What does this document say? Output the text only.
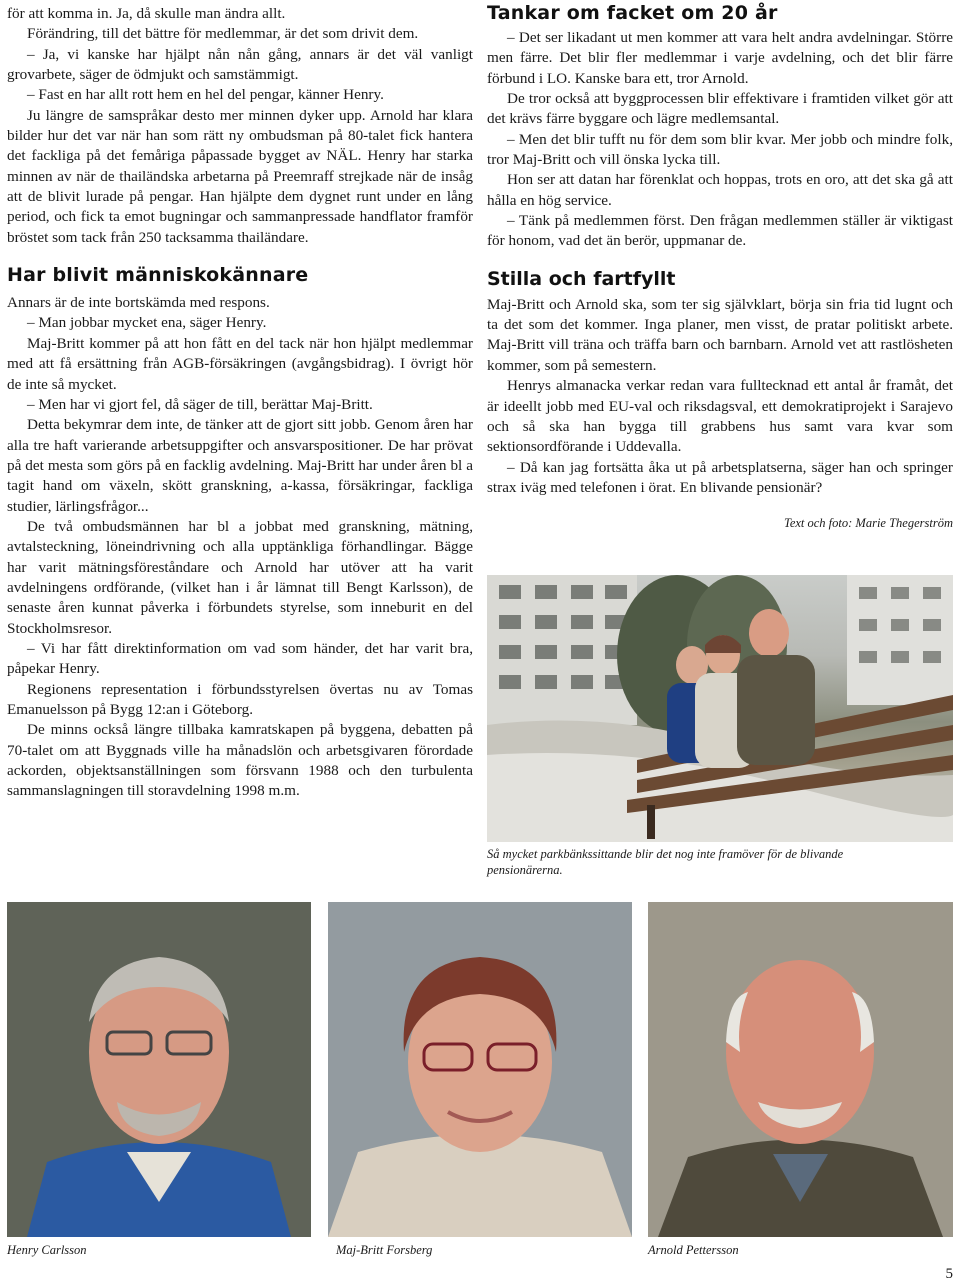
för att komma in. Ja, då skulle man ändra allt.

Förändring, till det bättre för medlemmar, är det som drivit dem.

– Ja, vi kanske har hjälpt nån nån gång, annars är det väl vanligt grovarbete, säger de ödmjukt och samstämmigt.

– Fast en har allt rott hem en hel del pengar, känner Henry.

Ju längre de samspråkar desto mer minnen dyker upp. Arnold har klara bilder hur det var när han som rätt ny ombudsman på 80-talet fick hantera det fackliga på det femåriga påpassade bygget av NÄL. Henry har starka minnen av när de thailändska arbetarna på Preemraff strejkade när de insåg att de blivit lurade på pengar. Han hjälpte dem dygnet runt under en lång period, och fick ta emot bugningar och sammanpressade handflator framför bröstet som tack från 250 tacksamma thailändare.

Har blivit människokännare

Annars är de inte bortskämda med respons.

– Man jobbar mycket ena, säger Henry.

Maj-Britt kommer på att hon fått en del tack när hon hjälpt medlemmar med att få ersättning från AGB-försäkringen (avgångsbidrag). I övrigt hör de inte så mycket.

– Men har vi gjort fel, då säger de till, berättar Maj-Britt.

Detta bekymrar dem inte, de tänker att de gjort sitt jobb. Genom åren har alla tre haft varierande arbetsuppgifter och ansvarspositioner. De har prövat på det mesta som görs på en facklig avdelning. Maj-Britt har under åren bl a tagit hand om växeln, skött granskning, a-kassa, försäkringar, fackliga studier, lärlingsfrågor...

De två ombudsmännen har bl a jobbat med granskning, mätning, avtalsteckning, löneindrivning och alla upptänkliga förhandlingar. Bägge har varit mätningsföreståndare och Arnold har utöver att ha varit avdelningens ordförande, (vilket han i år lämnat till Bengt Karlsson), de senaste åren kunnat påverka i förbundets styrelse, som inneburit en del Stockholmsresor.

– Vi har fått direktinformation om vad som händer, det har varit bra, påpekar Henry.

Regionens representation i förbundsstyrelsen övertas nu av Tomas Emanuelsson på Bygg 12:an i Göteborg.

De minns också längre tillbaka kamratskapen på byggena, debatten på 70-talet om att Byggnads ville ha månadslön och arbetsgivaren förordade ackorden, objektsanställningen som försvann 1988 och den turbulenta sammanslagningen till storavdelning 1998 m.m.

Tankar om facket om 20 år

– Det ser likadant ut men kommer att vara helt andra avdelningar. Större men färre. Det blir fler medlemmar i varje avdelning, och det blir färre förbund i LO. Kanske bara ett, tror Arnold.

De tror också att byggprocessen blir effektivare i framtiden vilket gör att det krävs färre byggare och lägre medlemsantal.

– Men det blir tufft nu för dem som blir kvar. Mer jobb och mindre folk, tror Maj-Britt och vill önska lycka till.

Hon ser att datan har förenklat och hoppas, trots en oro, att det ska gå att hålla en hög service.

– Tänk på medlemmen först. Den frågan medlemmen ställer är viktigast för honom, vad det än berör, uppmanar de.

Stilla och fartfyllt

Maj-Britt och Arnold ska, som ter sig självklart, börja sin fria tid lugnt och ta det som det kommer. Inga planer, men visst, de pratar politiskt arbete. Maj-Britt vill träna och träffa barn och barnbarn. Arnold vet att rastlösheten kommer, som på semestern.

Henrys almanacka verkar redan vara fulltecknad ett antal år framåt, det är ideellt jobb med EU-val och riksdagsval, ett demokratiprojekt i Sarajevo och så ska han bygga till grabbens hus samt vara kvar som sektionsordförande i Uddevalla.

– Då kan jag fortsätta åka ut på arbetsplatserna, säger han och springer strax iväg med telefonen i örat. En blivande pensionär?

Text och foto: Marie Thegerström
Så mycket parkbänkssittande blir det nog inte framöver för de blivande pensionärerna.
Henry Carlsson	Maj-Britt Forsberg	Arnold Pettersson
5
